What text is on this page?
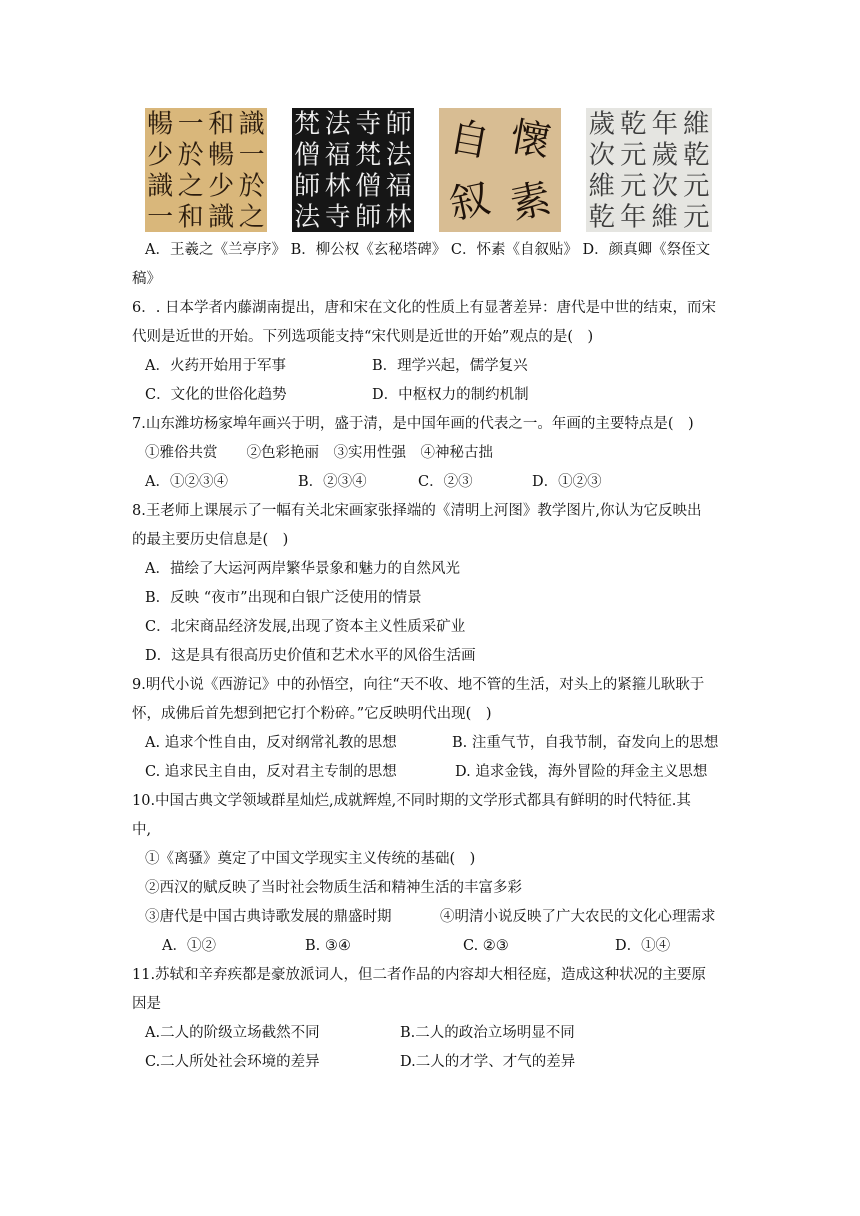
識
一
於
之
和
暢
少
識
一
於
之
和
暢
少
識
一
師
法
福
林
寺
梵
僧
師
法
福
林
寺
梵
僧
師
法
懷
素
自
叙
維
乾
元
元
年
歲
次
維
乾
元
元
年
歲
次
維
乾
A．王羲之《兰亭序》 B．柳公权《玄秘塔碑》 C．怀素《自叙贴》 D．颜真卿《祭侄文
稿》
6．. 日本学者内藤湖南提出，唐和宋在文化的性质上有显著差异：唐代是中世的结束，而宋
代则是近世的开始。下列选项能支持“宋代则是近世的开始”观点的是(　)
A．火药开始用于军事	B．理学兴起，儒学复兴
C．文化的世俗化趋势	D．中枢权力的制约机制
7.山东潍坊杨家埠年画兴于明，盛于清，是中国年画的代表之一。年画的主要特点是(　)
①雅俗共赏　　②色彩艳丽　③实用性强　④神秘古拙
A．①②③④	B．②③④	C．②③	D．①②③
8.王老师上课展示了一幅有关北宋画家张择端的《清明上河图》教学图片,你认为它反映出
的最主要历史信息是(　)
A．描绘了大运河两岸繁华景象和魅力的自然风光
B．反映 “夜市”出现和白银广泛使用的情景
C．北宋商品经济发展,出现了资本主义性质采矿业
D．这是具有很高历史价值和艺术水平的风俗生活画
9.明代小说《西游记》中的孙悟空，向往“天不收、地不管的生活，对头上的紧箍儿耿耿于
怀，成佛后首先想到把它打个粉碎。”它反映明代出现(　)
A. 追求个性自由，反对纲常礼教的思想	B. 注重气节，自我节制，奋发向上的思想
C. 追求民主自由，反对君主专制的思想	D. 追求金钱，海外冒险的拜金主义思想
10.中国古典文学领域群星灿烂,成就辉煌,不同时期的文学形式都具有鲜明的时代特征.其
中,
①《离骚》奠定了中国文学现实主义传统的基础(　)
②西汉的赋反映了当时社会物质生活和精神生活的丰富多彩
③唐代是中国古典诗歌发展的鼎盛时期	④明清小说反映了广大农民的文化心理需求
A．①②	B. ③④	C. ②③	D．①④
11.苏轼和辛弃疾都是豪放派词人，但二者作品的内容却大相径庭，造成这种状况的主要原
因是
A.二人的阶级立场截然不同	B.二人的政治立场明显不同
C.二人所处社会环境的差异	D.二人的才学、才气的差异
